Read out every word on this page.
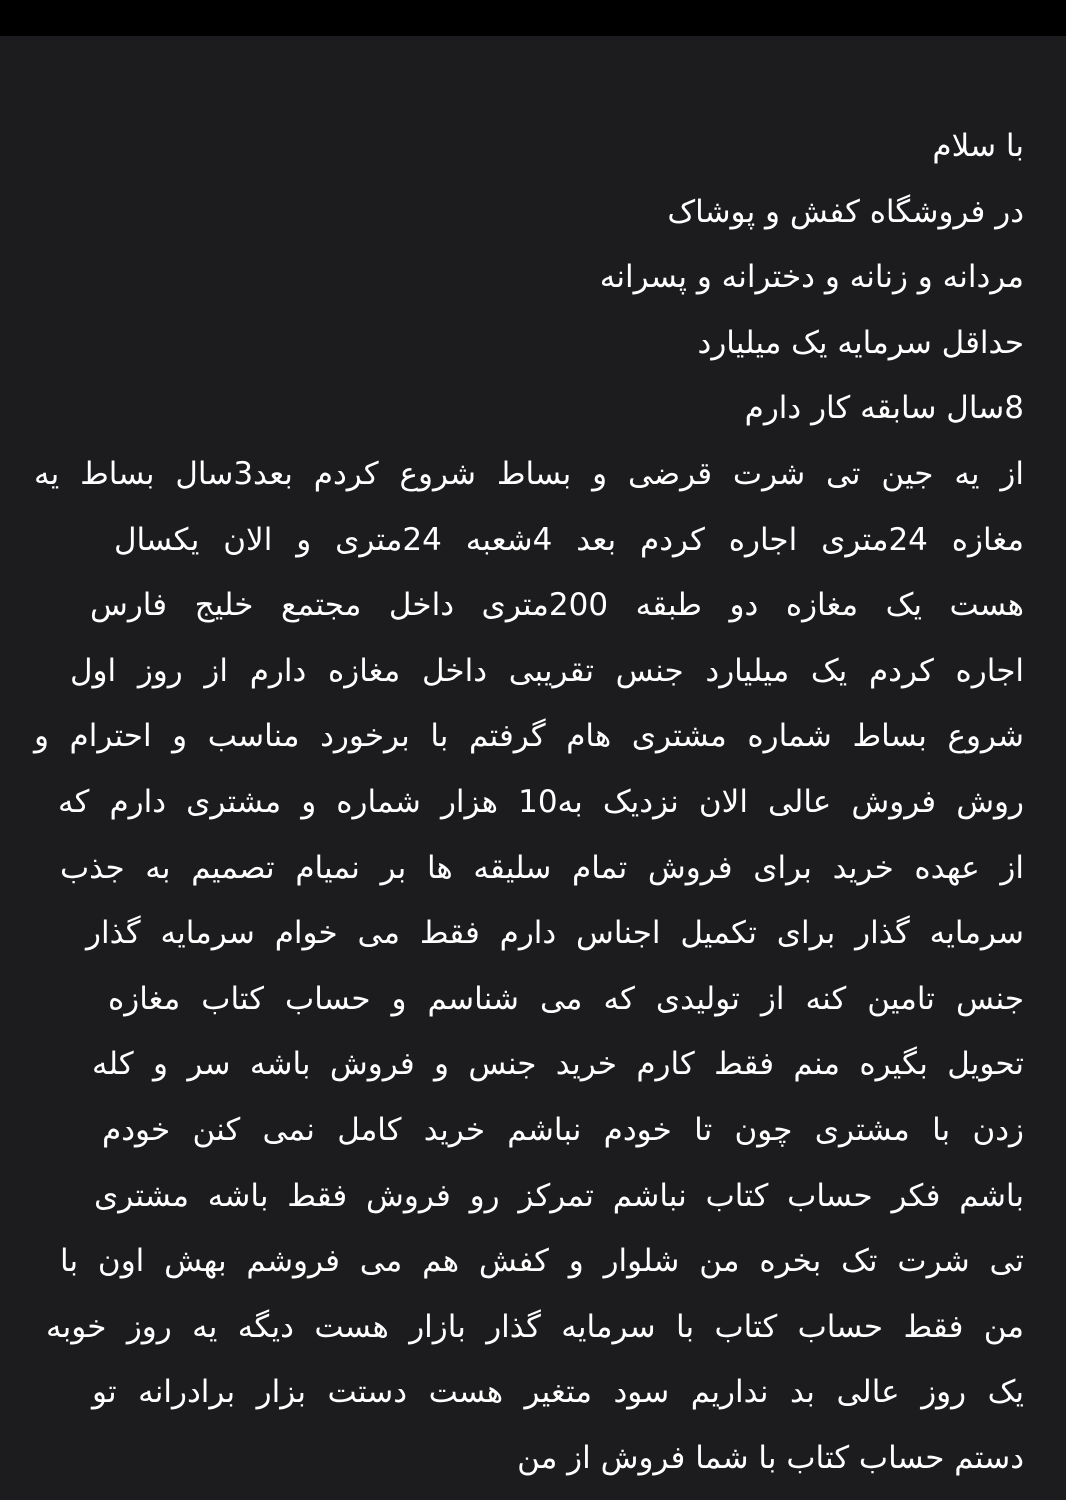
با سلام
در فروشگاه کفش و پوشاک
مردانه و زنانه و دخترانه و پسرانه
حداقل سرمایه یک میلیارد
8سال سابقه کار دارم
از یه جین تی شرت قرضی و بساط شروع کردم بعد3سال بساط یه
مغازه 24متری اجاره کردم بعد 4شعبه 24متری و الان یکسال
هست یک مغازه دو طبقه 200متری داخل مجتمع خلیج فارس
اجاره کردم یک میلیارد جنس تقریبی داخل مغازه دارم از روز اول
شروع بساط شماره مشتری هام گرفتم با برخورد مناسب و احترام و
روش فروش عالی الان نزدیک به10 هزار شماره و مشتری دارم که
از عهده خرید برای فروش تمام سلیقه ها بر نمیام تصمیم به جذب
سرمایه گذار برای تکمیل اجناس دارم فقط می خوام سرمایه گذار
جنس تامین کنه از تولیدی که می شناسم و حساب کتاب مغازه
تحویل بگیره منم فقط کارم خرید جنس و فروش باشه سر و کله
زدن با مشتری چون تا خودم نباشم خرید کامل نمی کنن خودم
باشم فکر حساب کتاب نباشم تمرکز رو فروش فقط باشه مشتری
تی شرت تک بخره من شلوار و کفش هم می فروشم بهش اون با
من فقط حساب کتاب با سرمایه گذار بازار هست دیگه یه روز خوبه
یک روز عالی بد نداریم سود متغیر هست دستت بزار برادرانه تو
دستم حساب کتاب با شما فروش از من
